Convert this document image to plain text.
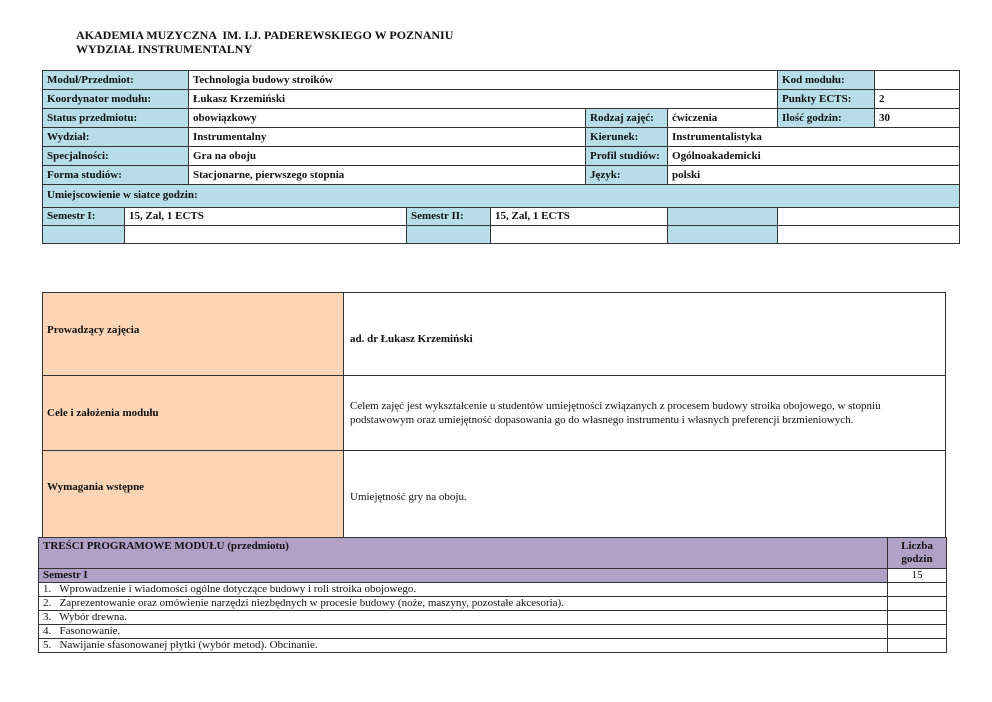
AKADEMIA MUZYCZNA  IM. I.J. PADEREWSKIEGO W POZNANIU
WYDZIAŁ INSTRUMENTALNY
Moduł/Przedmiot:		Technologia budowy stroików					Kod modułu:	
Koordynator modułu:		Łukasz Krzemiński					Punkty ECTS:	2
Status przedmiotu:		obowiązkowy			Rodzaj zajęć:	ćwiczenia	Ilość godzin:	30
Wydział:		Instrumentalny			Kierunek:	Instrumentalistyka		
Specjalności:		Gra na oboju			Profil studiów:	Ogólnoakademicki		
Forma studiów:		Stacjonarne, pierwszego stopnia			Język:	polski		
Umiejscowienie w siatce godzin:								
Semestr I:	15, Zal, 1 ECTS		Semestr II:	15, Zal, 1 ECTS				

Prowadzący zajęcia	ad. dr Łukasz Krzemiński
Cele i założenia modułu	Celem zajęć jest wykształcenie u studentów umiejętności związanych z procesem budowy stroika obojowego, w stopniu podstawowym oraz umiejętność dopasowania go do własnego instrumentu i własnych preferencji brzmieniowych.
Wymagania wstępne	Umiejętność gry na oboju.
TREŚCI PROGRAMOWE MODUŁU (przedmiotu)	Liczba godzin
Semestr I	15
1.   Wprowadzenie i wiadomości ogólne dotyczące budowy i roli stroika obojowego.	
2.   Zaprezentowanie oraz omówienie narzędzi niezbędnych w procesie budowy (noże, maszyny, pozostałe akcesoria).	
3.   Wybór drewna.	
4.   Fasonowanie.	
5.   Nawijanie sfasonowanej płytki (wybór metod). Obcinanie.	
